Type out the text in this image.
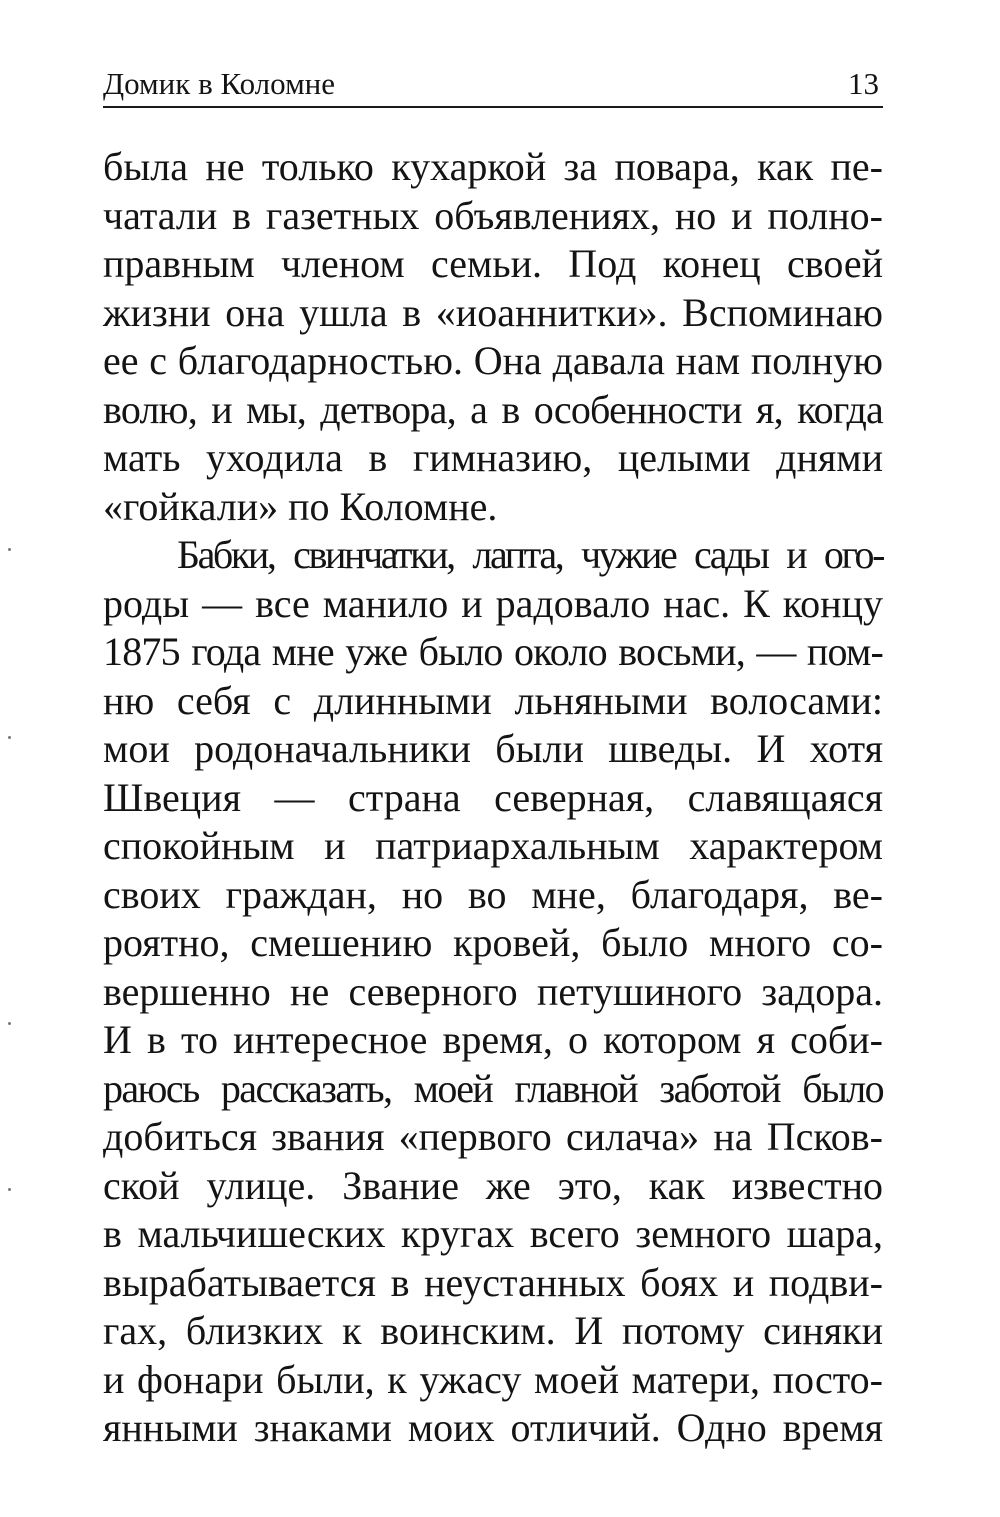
Домик в Коломне	13
была не только кухаркой за повара, как пе-
чатали в газетных объявлениях, но и полно-
правным членом семьи. Под конец своей
жизни она ушла в «иоаннитки». Вспоминаю
ее с благодарностью. Она давала нам полную
волю, и мы, детвора, а в особенности я, когда
мать уходила в гимназию, целыми днями
«гойкали» по Коломне.
Бабки, свинчатки, лапта, чужие сады и ого-
роды — все манило и радовало нас. К концу
1875 года мне уже было около восьми, — пом-
ню себя с длинными льняными волосами:
мои родоначальники были шведы. И хотя
Швеция — страна северная, славящаяся
спокойным и патриархальным характером
своих граждан, но во мне, благодаря, ве-
роятно, смешению кровей, было много со-
вершенно не северного петушиного задора.
И в то интересное время, о котором я соби-
раюсь рассказать, моей главной заботой было
добиться звания «первого силача» на Псков-
ской улице. Звание же это, как известно
в мальчишеских кругах всего земного шара,
вырабатывается в неустанных боях и подви-
гах, близких к воинским. И потому синяки
и фонари были, к ужасу моей матери, посто-
янными знаками моих отличий. Одно время
